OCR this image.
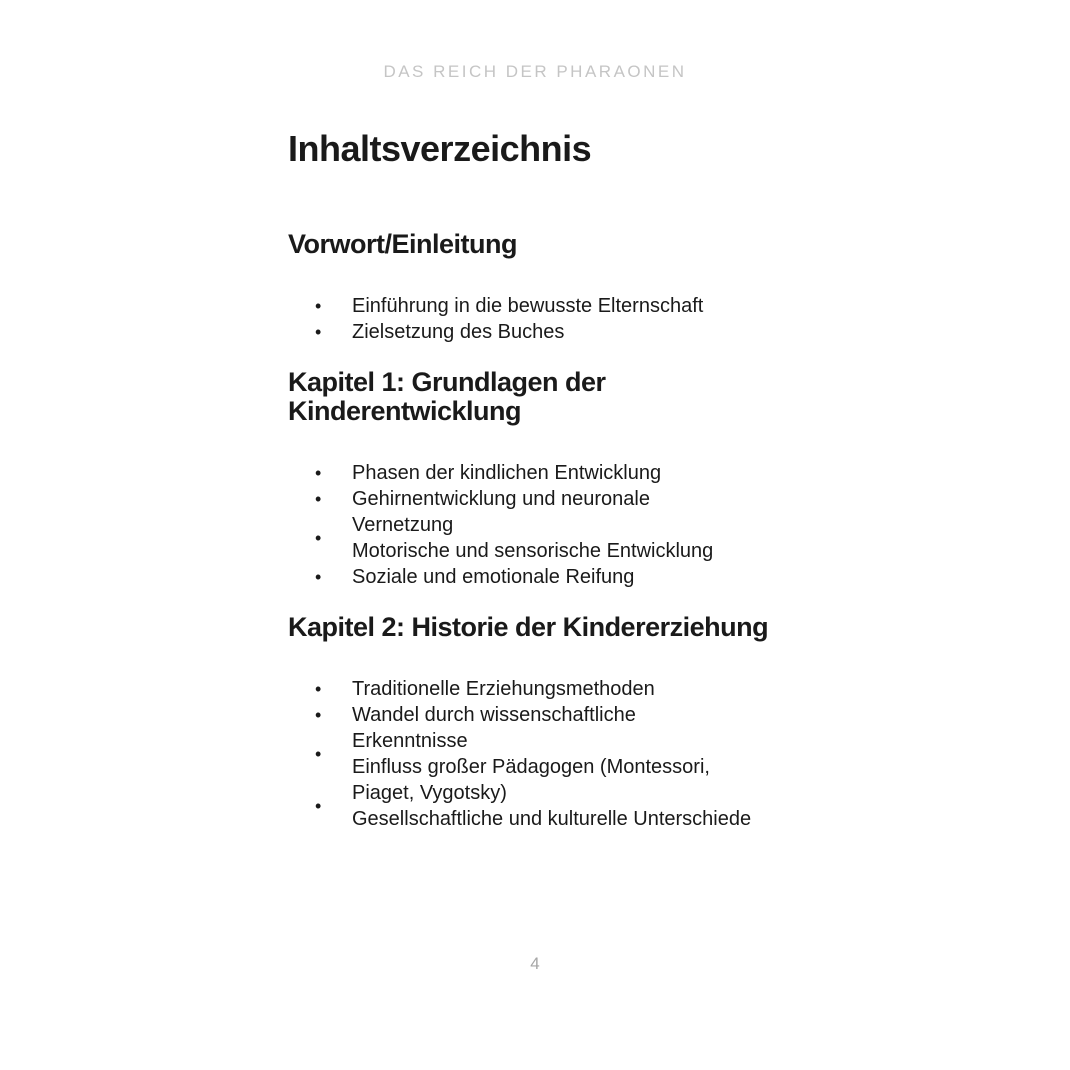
DAS REICH DER PHARAONEN
Inhaltsverzeichnis
Vorwort/Einleitung
•	Einführung in die bewusste Elternschaft
•	Zielsetzung des Buches
Kapitel 1: Grundlagen der
Kinderentwicklung
•	Phasen der kindlichen Entwicklung
•	Gehirnentwicklung und neuronale
•
Vernetzung
Motorische und sensorische Entwicklung
•	Soziale und emotionale Reifung
Kapitel 2: Historie der Kindererziehung
•	Traditionelle Erziehungsmethoden
•	Wandel durch wissenschaftliche
•
Erkenntnisse
Einfluss großer Pädagogen (Montessori,
•
Piaget, Vygotsky)
Gesellschaftliche und kulturelle Unterschiede
4
